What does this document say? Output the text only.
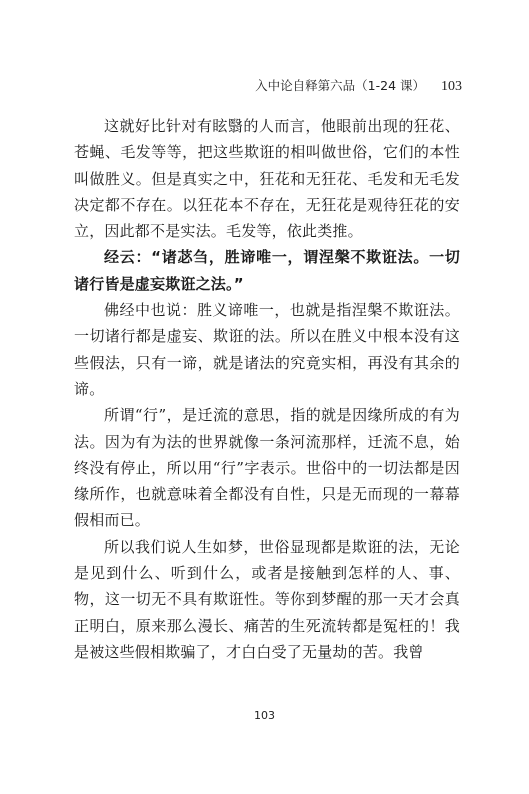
入中论自释第六品（1-24 课） 103

这就好比针对有眩翳的人而言，他眼前出现的狂花、苍蝇、毛发等等，把这些欺诳的相叫做世俗，它们的本性叫做胜义。但是真实之中，狂花和无狂花、毛发和无毛发决定都不存在。以狂花本不存在，无狂花是观待狂花的安立，因此都不是实法。毛发等，依此类推。

经云：“诸苾刍，胜谛唯一，谓涅槃不欺诳法。一切诸行皆是虚妄欺诳之法。”

佛经中也说：胜义谛唯一，也就是指涅槃不欺诳法。一切诸行都是虚妄、欺诳的法。所以在胜义中根本没有这些假法，只有一谛，就是诸法的究竟实相，再没有其余的谛。

所谓“行”，是迁流的意思，指的就是因缘所成的有为法。因为有为法的世界就像一条河流那样，迁流不息，始终没有停止，所以用“行”字表示。世俗中的一切法都是因缘所作，也就意味着全都没有自性，只是无而现的一幕幕假相而已。

所以我们说人生如梦，世俗显现都是欺诳的法，无论是见到什么、听到什么，或者是接触到怎样的人、事、物，这一切无不具有欺诳性。等你到梦醒的那一天才会真正明白，原来那么漫长、痛苦的生死流转都是冤枉的！我是被这些假相欺骗了，才白白受了无量劫的苦。我曾

103
